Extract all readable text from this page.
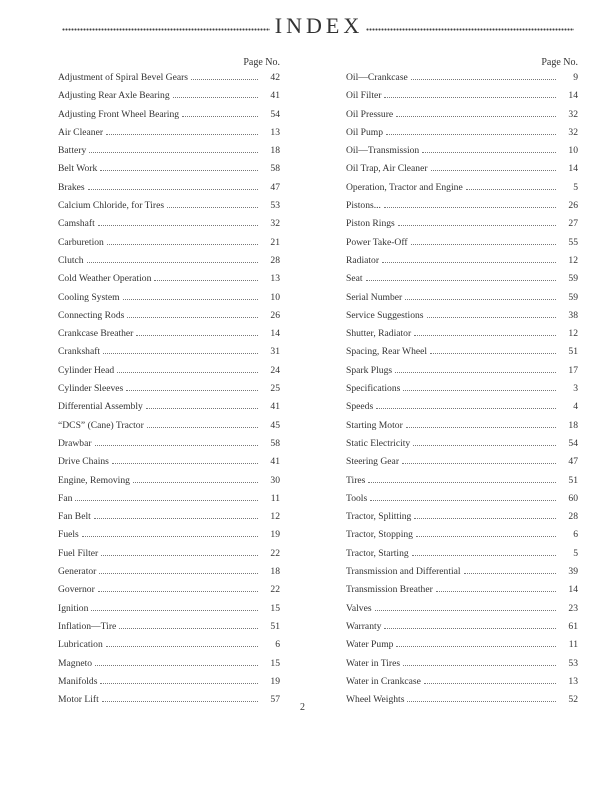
INDEX
Page No.
Adjustment of Spiral Bevel Gears	42
Adjusting Rear Axle Bearing	41
Adjusting Front Wheel Bearing	54
Air Cleaner	13
Battery	18
Belt Work	58
Brakes	47
Calcium Chloride, for Tires	53
Camshaft	32
Carburetion	21
Clutch	28
Cold Weather Operation	13
Cooling System	10
Connecting Rods	26
Crankcase Breather	14
Crankshaft	31
Cylinder Head	24
Cylinder Sleeves	25
Differential Assembly	41
“DCS” (Cane) Tractor	45
Drawbar	58
Drive Chains	41
Engine, Removing	30
Fan	11
Fan Belt	12
Fuels	19
Fuel Filter	22
Generator	18
Governor	22
Ignition	15
Inflation—Tire	51
Lubrication	6
Magneto	15
Manifolds	19
Motor Lift	57
Page No.
Oil—Crankcase	9
Oil Filter	14
Oil Pressure	32
Oil Pump	32
Oil—Transmission	10
Oil Trap, Air Cleaner	14
Operation, Tractor and Engine	5
Pistons...	26
Piston Rings	27
Power Take-Off	55
Radiator	12
Seat	59
Serial Number	59
Service Suggestions	38
Shutter, Radiator	12
Spacing, Rear Wheel	51
Spark Plugs	17
Specifications	3
Speeds	4
Starting Motor	18
Static Electricity	54
Steering Gear	47
Tires	51
Tools	60
Tractor, Splitting	28
Tractor, Stopping	6
Tractor, Starting	5
Transmission and Differential	39
Transmission Breather	14
Valves	23
Warranty	61
Water Pump	11
Water in Tires	53
Water in Crankcase	13
Wheel Weights	52
2
